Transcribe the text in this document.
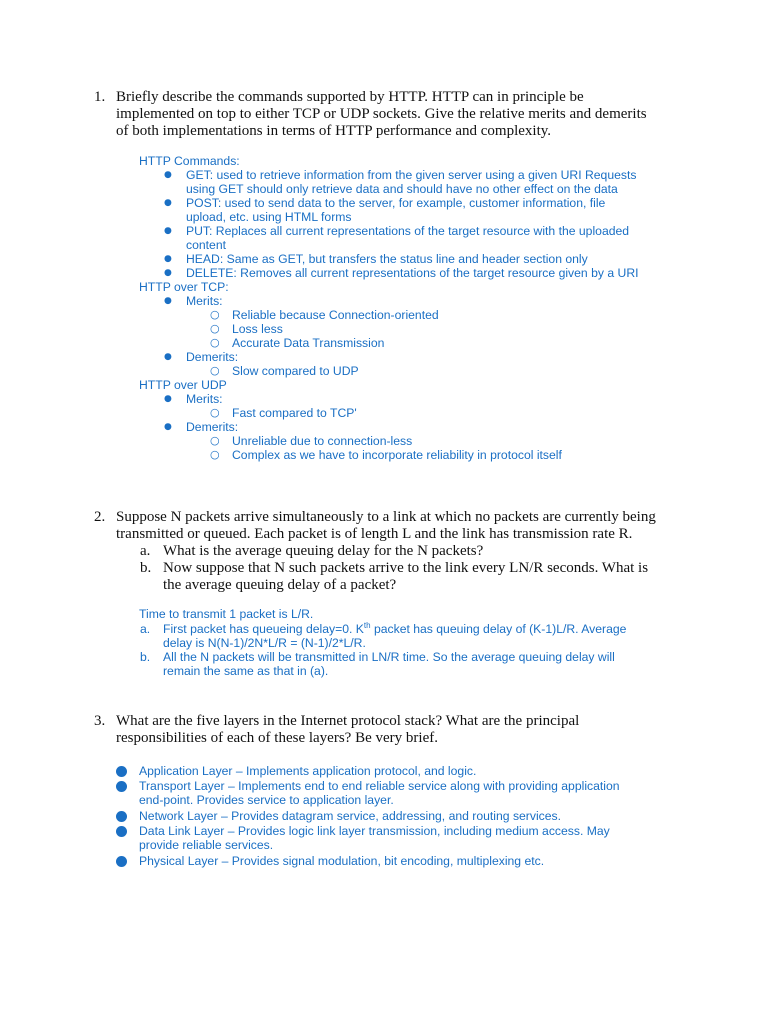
1. Briefly describe the commands supported by HTTP. HTTP can in principle be
implemented on top to either TCP or UDP sockets. Give the relative merits and demerits
of both implementations in terms of HTTP performance and complexity.
HTTP Commands:
● GET: used to retrieve information from the given server using a given URI Requests
using GET should only retrieve data and should have no other effect on the data
● POST: used to send data to the server, for example, customer information, file
upload, etc. using HTML forms
● PUT: Replaces all current representations of the target resource with the uploaded
content
● HEAD: Same as GET, but transfers the status line and header section only
● DELETE: Removes all current representations of the target resource given by a URI
HTTP over TCP:
● Merits:
○ Reliable because Connection-oriented
○ Loss less
○ Accurate Data Transmission
● Demerits:
○ Slow compared to UDP
HTTP over UDP
● Merits:
○ Fast compared to TCP'
● Demerits:
○ Unreliable due to connection-less
○ Complex as we have to incorporate reliability in protocol itself
2. Suppose N packets arrive simultaneously to a link at which no packets are currently being
transmitted or queued. Each packet is of length L and the link has transmission rate R.
a. What is the average queuing delay for the N packets?
b. Now suppose that N such packets arrive to the link every LN/R seconds. What is
the average queuing delay of a packet?
Time to transmit 1 packet is L/R.
a. First packet has queueing delay=0. $K^{th}$ packet has queuing delay of (K-1)L/R. Average
delay is N(N-1)/2N*L/R = (N-1)/2*L/R.
b. All the N packets will be transmitted in LN/R time. So the average queuing delay will
remain the same as that in (a).
3. What are the five layers in the Internet protocol stack? What are the principal
responsibilities of each of these layers? Be very brief.
Application Layer – Implements application protocol, and logic.
Transport Layer – Implements end to end reliable service along with providing application
end-point. Provides service to application layer.
Network Layer – Provides datagram service, addressing, and routing services.
Data Link Layer – Provides logic link layer transmission, including medium access. May
provide reliable services.
Physical Layer – Provides signal modulation, bit encoding, multiplexing etc.
